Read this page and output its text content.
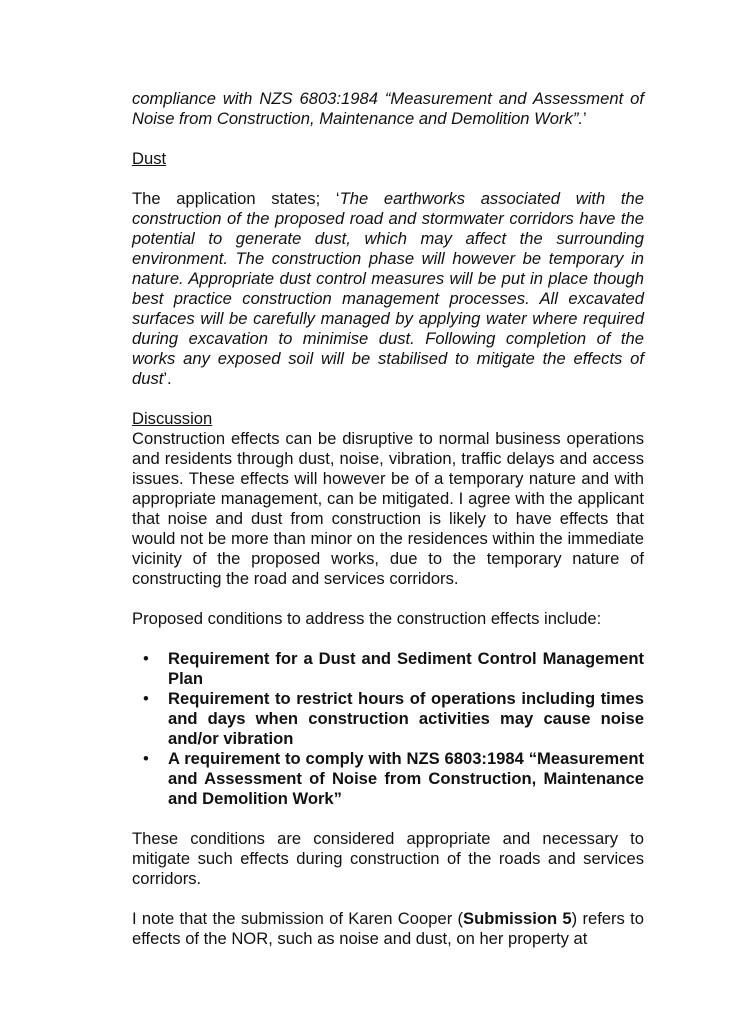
compliance with NZS 6803:1984 “Measurement and Assessment of Noise from Construction, Maintenance and Demolition Work”.’

Dust

The application states; ‘The earthworks associated with the construction of the proposed road and stormwater corridors have the potential to generate dust, which may affect the surrounding environment. The construction phase will however be temporary in nature. Appropriate dust control measures will be put in place though best practice construction management processes. All excavated surfaces will be carefully managed by applying water where required during excavation to minimise dust. Following completion of the works any exposed soil will be stabilised to mitigate the effects of dust’.

Discussion

Construction effects can be disruptive to normal business operations and residents through dust, noise, vibration, traffic delays and access issues. These effects will however be of a temporary nature and with appropriate management, can be mitigated. I agree with the applicant that noise and dust from construction is likely to have effects that would not be more than minor on the residences within the immediate vicinity of the proposed works, due to the temporary nature of constructing the road and services corridors.

Proposed conditions to address the construction effects include:

• Requirement for a Dust and Sediment Control Management Plan
• Requirement to restrict hours of operations including times and days when construction activities may cause noise and/or vibration
• A requirement to comply with NZS 6803:1984 “Measurement and Assessment of Noise from Construction, Maintenance and Demolition Work”

These conditions are considered appropriate and necessary to mitigate such effects during construction of the roads and services corridors.

I note that the submission of Karen Cooper (Submission 5) refers to effects of the NOR, such as noise and dust, on her property at
